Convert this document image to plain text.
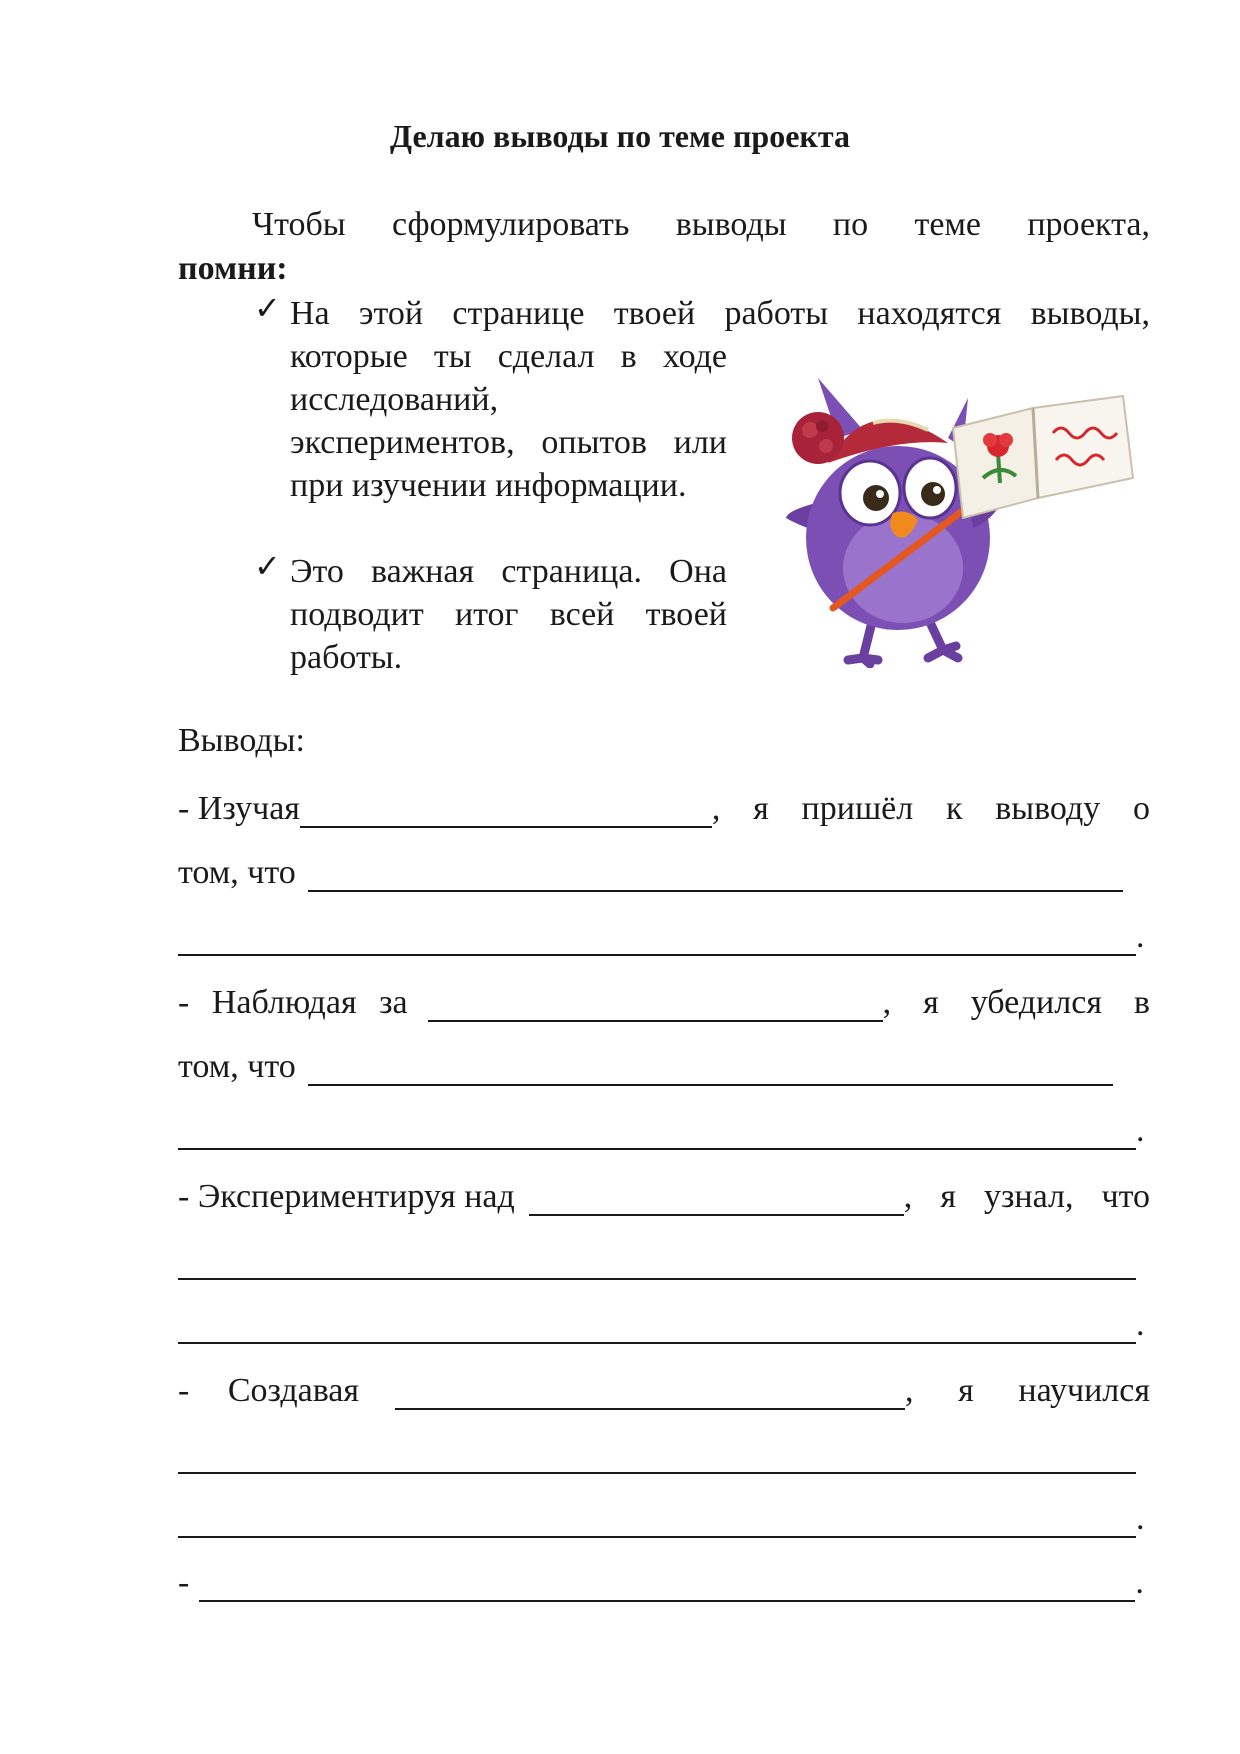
Делаю выводы по теме проекта
Чтобы сформулировать выводы по теме проекта,
помни:
✓ На этой странице твоей работы находятся выводы,
которые ты сделал в ходе исследований, экспериментов, опытов или при изучении информации.
✓ Это важная страница. Она подводит итог всей твоей работы.
Выводы:
- Изучая	, я пришёл к выводу о
том, что
.
- Наблюдая за	, я убедился в
том, что
.
- Экспериментируя над	, я узнал, что
.
- Создавая	, я научился
.
-	.
